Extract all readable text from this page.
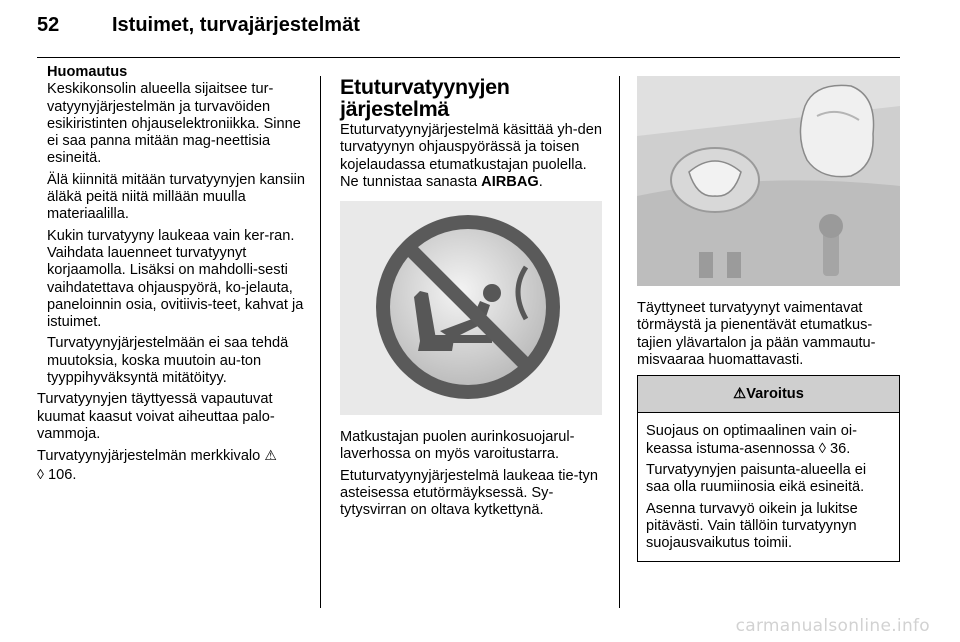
52	Istuimet, turvajärjestelmät
Huomautus

Keskikonsolin alueella sijaitsee tur-vatyynyjärjestelmän ja turvavöiden esikiristinten ohjauselektroniikka. Sinne ei saa panna mitään mag-neettisia esineitä.

Älä kiinnitä mitään turvatyynyjen kansiin äläkä peitä niitä millään muulla materiaalilla.

Kukin turvatyyny laukeaa vain ker-ran. Vaihdata lauenneet turvatyynyt korjaamolla. Lisäksi on mahdolli-sesti vaihdatettava ohjauspyörä, ko-jelauta, paneloinnin osia, ovitiivis-teet, kahvat ja istuimet.

Turvatyynyjärjestelmään ei saa tehdä muutoksia, koska muutoin au-ton tyyppihyväksyntä mitätöityy.

Turvatyynyjen täyttyessä vapautuvat kuumat kaasut voivat aiheuttaa palo-vammoja.

Turvatyynyjärjestelmän merkkivalo ⚠
◊ 106.

Etuturvatyynyjen järjestelmä

Etuturvatyynyjärjestelmä käsittää yh-den turvatyynyn ohjauspyörässä ja toisen kojelaudassa etumatkustajan puolella. Ne tunnistaa sanasta AIRBAG.

Matkustajan puolen aurinkosuojarul-laverhossa on myös varoitustarra.

Etuturvatyynyjärjestelmä laukeaa tie-tyn asteisessa etutörmäyksessä. Sy-tytysvirran on oltava kytkettynä.

Täyttyneet turvatyynyt vaimentavat törmäystä ja pienentävät etumatkus-tajien ylävartalon ja pään vammautu-misvaaraa huomattavasti.

⚠Varoitus

Suojaus on optimaalinen vain oi-keassa istuma-asennossa ◊ 36.

Turvatyynyjen paisunta-alueella ei saa olla ruumiinosia eikä esineitä.

Asenna turvavyö oikein ja lukitse pitävästi. Vain tällöin turvatyynyn suojausvaikutus toimii.

carmanualsonline.info
